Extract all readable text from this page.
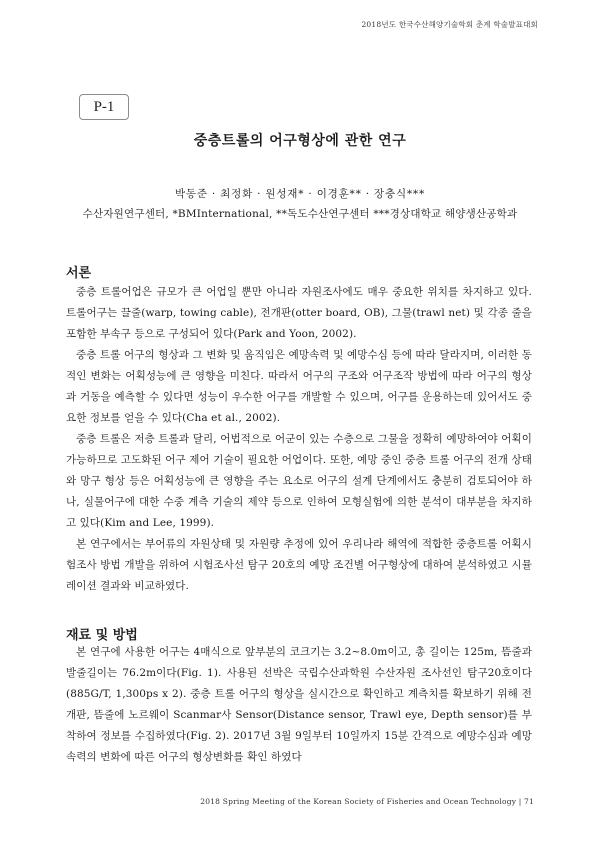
2018년도 한국수산해양기술학회 춘계 학술발표대회
P-1
중층트롤의 어구형상에 관한 연구
박동준 · 최정화 · 원성재* · 이경훈** · 장충식***
수산자원연구센터, *BMInternational, **독도수산연구센터 ***경상대학교 해양생산공학과
서론

중층 트롤어업은 규모가 큰 어업일 뿐만 아니라 자원조사에도 매우 중요한 위치를 차지하고 있다. 트롤어구는 끌줄(warp, towing cable), 전개판(otter board, OB), 그물(trawl net) 및 각종 줄을 포함한 부속구 등으로 구성되어 있다(Park and Yoon, 2002).

중층 트롤 어구의 형상과 그 변화 및 움직임은 예망속력 및 예망수심 등에 따라 달라지며, 이러한 동적인 변화는 어획성능에 큰 영향을 미친다. 따라서 어구의 구조와 어구조작 방법에 따라 어구의 형상과 거동을 예측할 수 있다면 성능이 우수한 어구를 개발할 수 있으며, 어구를 운용하는데 있어서도 중요한 정보를 얻을 수 있다(Cha et al., 2002).

중층 트롤은 저층 트롤과 달리, 어법적으로 어군이 있는 수층으로 그물을 정확히 예망하여야 어획이 가능하므로 고도화된 어구 제어 기술이 필요한 어업이다. 또한, 예망 중인 중층 트롤 어구의 전개 상태와 망구 형상 등은 어획성능에 큰 영향을 주는 요소로 어구의 설계 단계에서도 충분히 검토되어야 하나, 실물어구에 대한 수중 계측 기술의 제약 등으로 인하여 모형실험에 의한 분석이 대부분을 차지하고 있다(Kim and Lee, 1999).

본 연구에서는 부어류의 자원상태 및 자원량 추정에 있어 우리나라 해역에 적합한 중층트롤 어획시험조사 방법 개발을 위하여 시험조사선 탐구 20호의 예망 조건별 어구형상에 대하여 분석하였고 시뮬레이션 결과와 비교하였다.

재료 및 방법

본 연구에 사용한 어구는 4매식으로 앞부분의 코크기는 3.2~8.0m이고, 총 길이는 125m, 뜸줄과 발줄길이는 76.2m이다(Fig. 1). 사용된 선박은 국립수산과학원 수산자원 조사선인 탐구20호이다(885G/T, 1,300ps x 2). 중층 트롤 어구의 형상을 실시간으로 확인하고 계측치를 확보하기 위해 전개판, 뜸줄에 노르웨이 Scanmar사 Sensor(Distance sensor, Trawl eye, Depth sensor)를 부착하여 정보를 수집하였다(Fig. 2). 2017년 3월 9일부터 10일까지 15분 간격으로 예망수심과 예망속력의 변화에 따른 어구의 형상변화를 확인 하였다

2018 Spring Meeting of the Korean Society of Fisheries and Ocean Technology | 71
